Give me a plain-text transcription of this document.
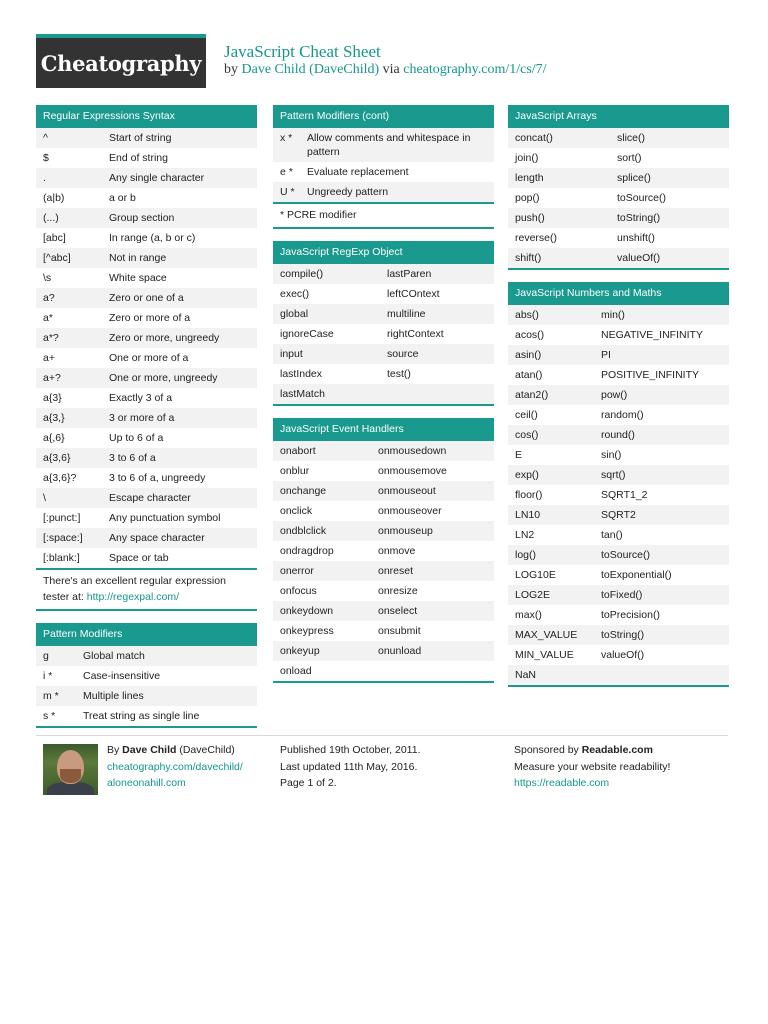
Cheatography JavaScript Cheat Sheet
by Dave Child (DaveChild) via cheatography.com/1/cs/7/
Regular Expressions Syntax
^	Start of string
$	End of string
.	Any single character
(a|b)	a or b
(...)	Group section
[abc]	In range (a, b or c)
[^abc]	Not in range
\s	White space
a?	Zero or one of a
a*	Zero or more of a
a*?	Zero or more, ungreedy
a+	One or more of a
a+?	One or more, ungreedy
a{3}	Exactly 3 of a
a{3,}	3 or more of a
a{,6}	Up to 6 of a
a{3,6}	3 to 6 of a
a{3,6}?	3 to 6 of a, ungreedy
\	Escape character
[:punct:]	Any punctuation symbol
[:space:]	Any space character
[:blank:]	Space or tab
There's an excellent regular expression tester at: http://regexpal.com/
Pattern Modifiers
g	Global match
i *	Case-insensitive
m *	Multiple lines
s *	Treat string as single line
Pattern Modifiers (cont)
x *	Allow comments and whitespace in pattern
e *	Evaluate replacement
U *	Ungreedy pattern
* PCRE modifier
JavaScript RegExp Object
compile()	lastParen
exec()	leftCOntext
global	multiline
ignoreCase	rightContext
input	source
lastIndex	test()
lastMatch
JavaScript Event Handlers
onabort	onmousedown
onblur	onmousemove
onchange	onmouseout
onclick	onmouseover
ondblclick	onmouseup
ondragdrop	onmove
onerror	onreset
onfocus	onresize
onkeydown	onselect
onkeypress	onsubmit
onkeyup	onunload
onload
JavaScript Arrays
concat()	slice()
join()	sort()
length	splice()
pop()	toSource()
push()	toString()
reverse()	unshift()
shift()	valueOf()
JavaScript Numbers and Maths
abs()	min()
acos()	NEGATIVE_INFINITY
asin()	PI
atan()	POSITIVE_INFINITY
atan2()	pow()
ceil()	random()
cos()	round()
E	sin()
exp()	sqrt()
floor()	SQRT1_2
LN10	SQRT2
LN2	tan()
log()	toSource()
LOG10E	toExponential()
LOG2E	toFixed()
max()	toPrecision()
MAX_VALUE	toString()
MIN_VALUE	valueOf()
NaN
By Dave Child (DaveChild)
cheatography.com/davechild/
aloneonahill.com
Published 19th October, 2011.
Last updated 11th May, 2016.
Page 1 of 2.
Sponsored by Readable.com
Measure your website readability!
https://readable.com
